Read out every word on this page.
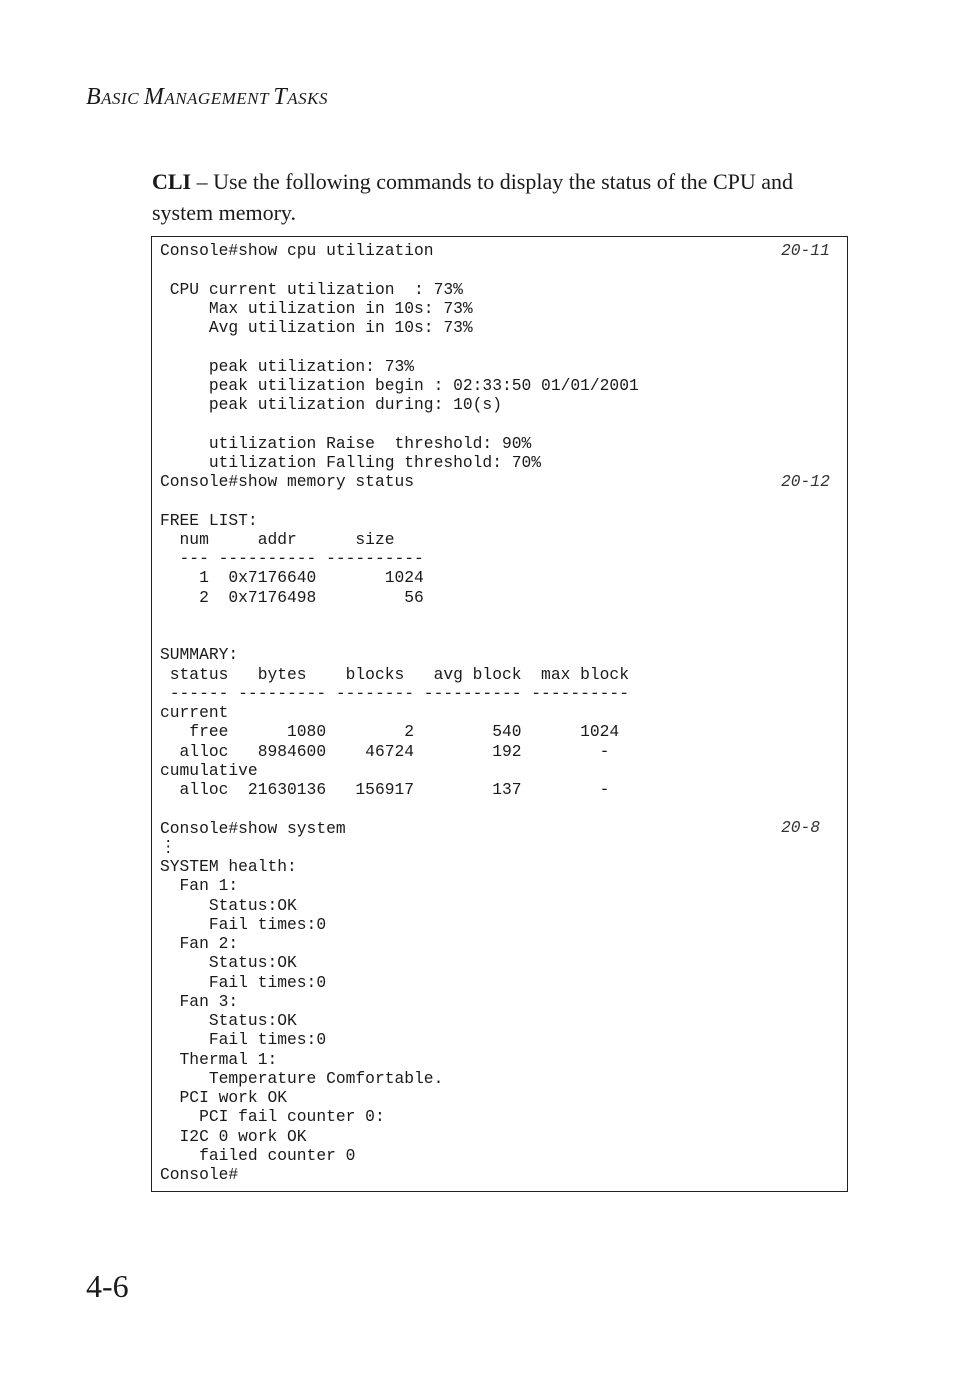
BASIC MANAGEMENT TASKS
CLI – Use the following commands to display the status of the CPU and system memory.
Console#show cpu utilization

CPU current utilization  : 73%
Max utilization in 10s: 73%
Avg utilization in 10s: 73%

peak utilization: 73%
peak utilization begin : 02:33:50 01/01/2001
peak utilization during: 10(s)

utilization Raise  threshold: 90%
utilization Falling threshold: 70%
Console#show memory status

FREE LIST:
num     addr      size
--- ---------- ----------
1  0x7176640       1024
2  0x7176498         56

SUMMARY:
status   bytes    blocks   avg block  max block
------ --------- -------- ---------- ----------
current
free      1080        2        540      1024
alloc   8984600    46724        192        -
cumulative
alloc  21630136   156917        137        -

Console#show system
⋮
SYSTEM health:
Fan 1:
Status:OK
Fail times:0
Fan 2:
Status:OK
Fail times:0
Fan 3:
Status:OK
Fail times:0
Thermal 1:
Temperature Comfortable.
PCI work OK
PCI fail counter 0:
I2C 0 work OK
failed counter 0
Console#
20-11
20-12
20-8
4-6
